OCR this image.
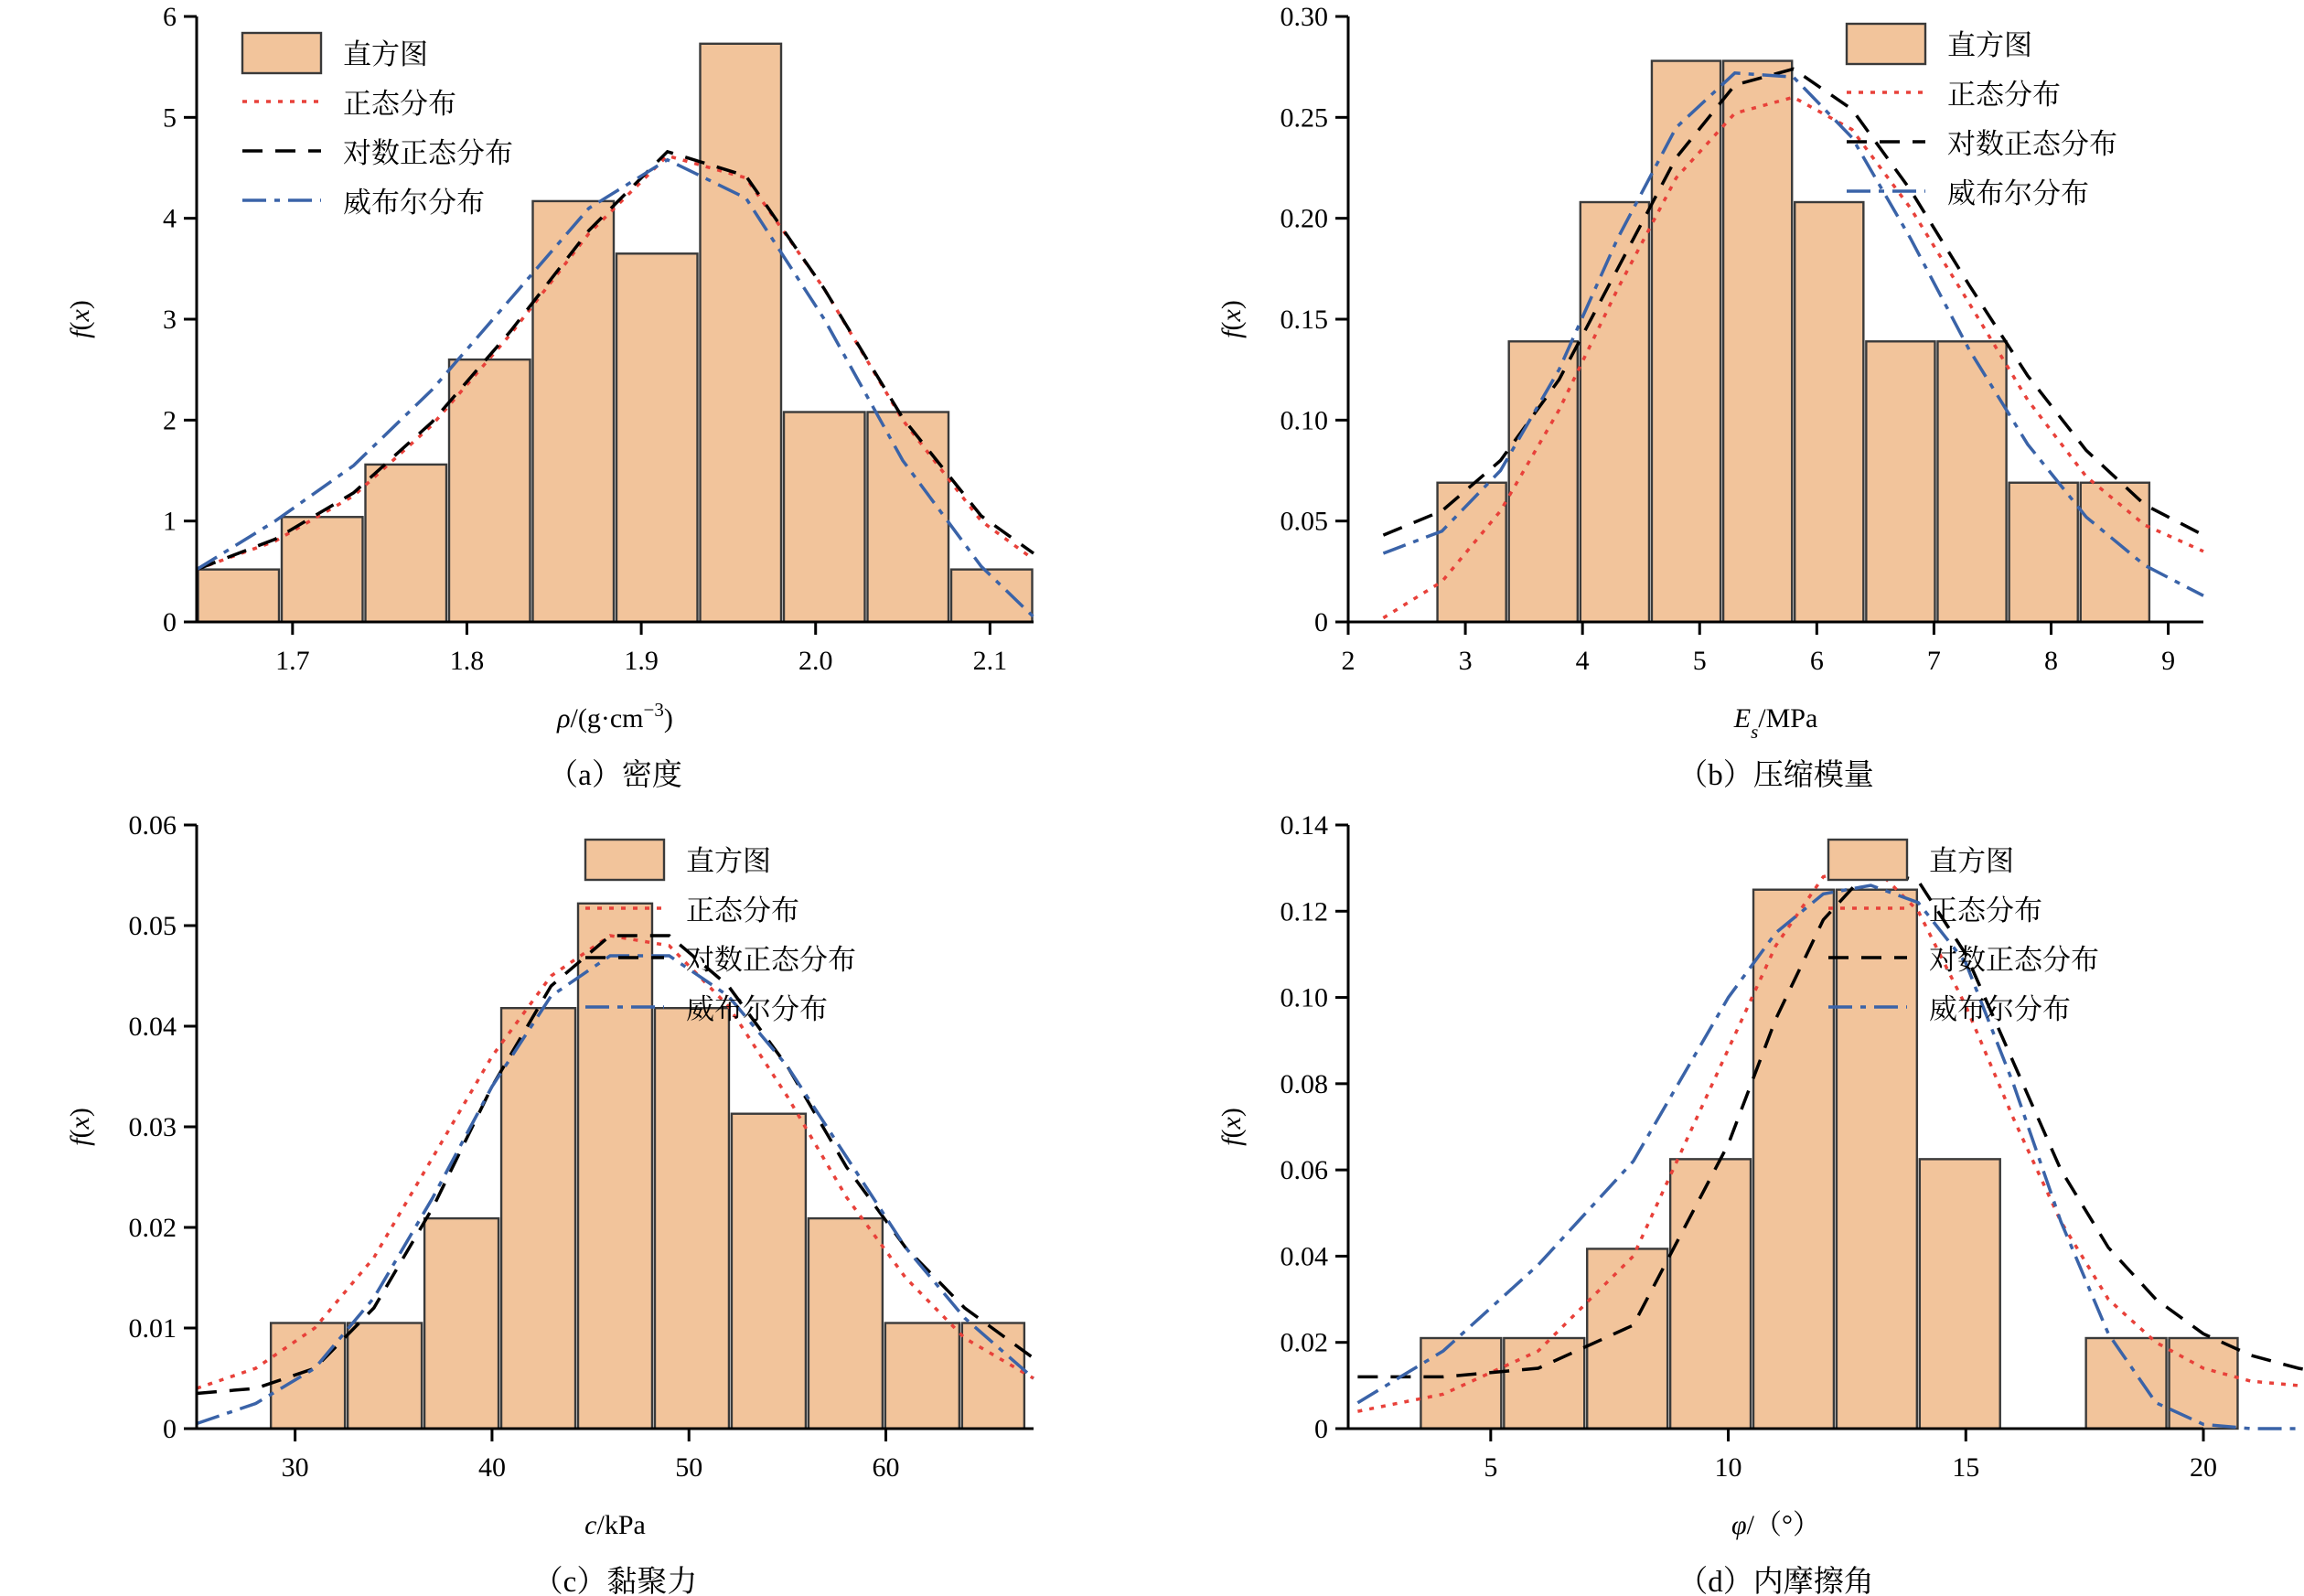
0
1
2
3
4
5
6
1.7	1.8	1.9	2.0	2.1
f(x)
$\rho/(g\cdot cm^{-3})$
（a）密度
直方图
正态分布
对数正态分布
威布尔分布
0
0.05
0.10
0.15
0.20
0.25
0.30
2	3	4	5	6	7	8	9
f(x)
$E_s$/MPa
（b）压缩模量
直方图
正态分布
对数正态分布
威布尔分布
0
0.01
0.02
0.03
0.04
0.05
0.06
30	40	50	60
f(x)
c/kPa
（c）黏聚力
直方图
正态分布
对数正态分布
威布尔分布
0
0.02
0.04
0.06
0.08
0.10
0.12
0.14
5	10	15	20
f(x)
φ/（°）
（d）内摩擦角
直方图
正态分布
对数正态分布
威布尔分布
